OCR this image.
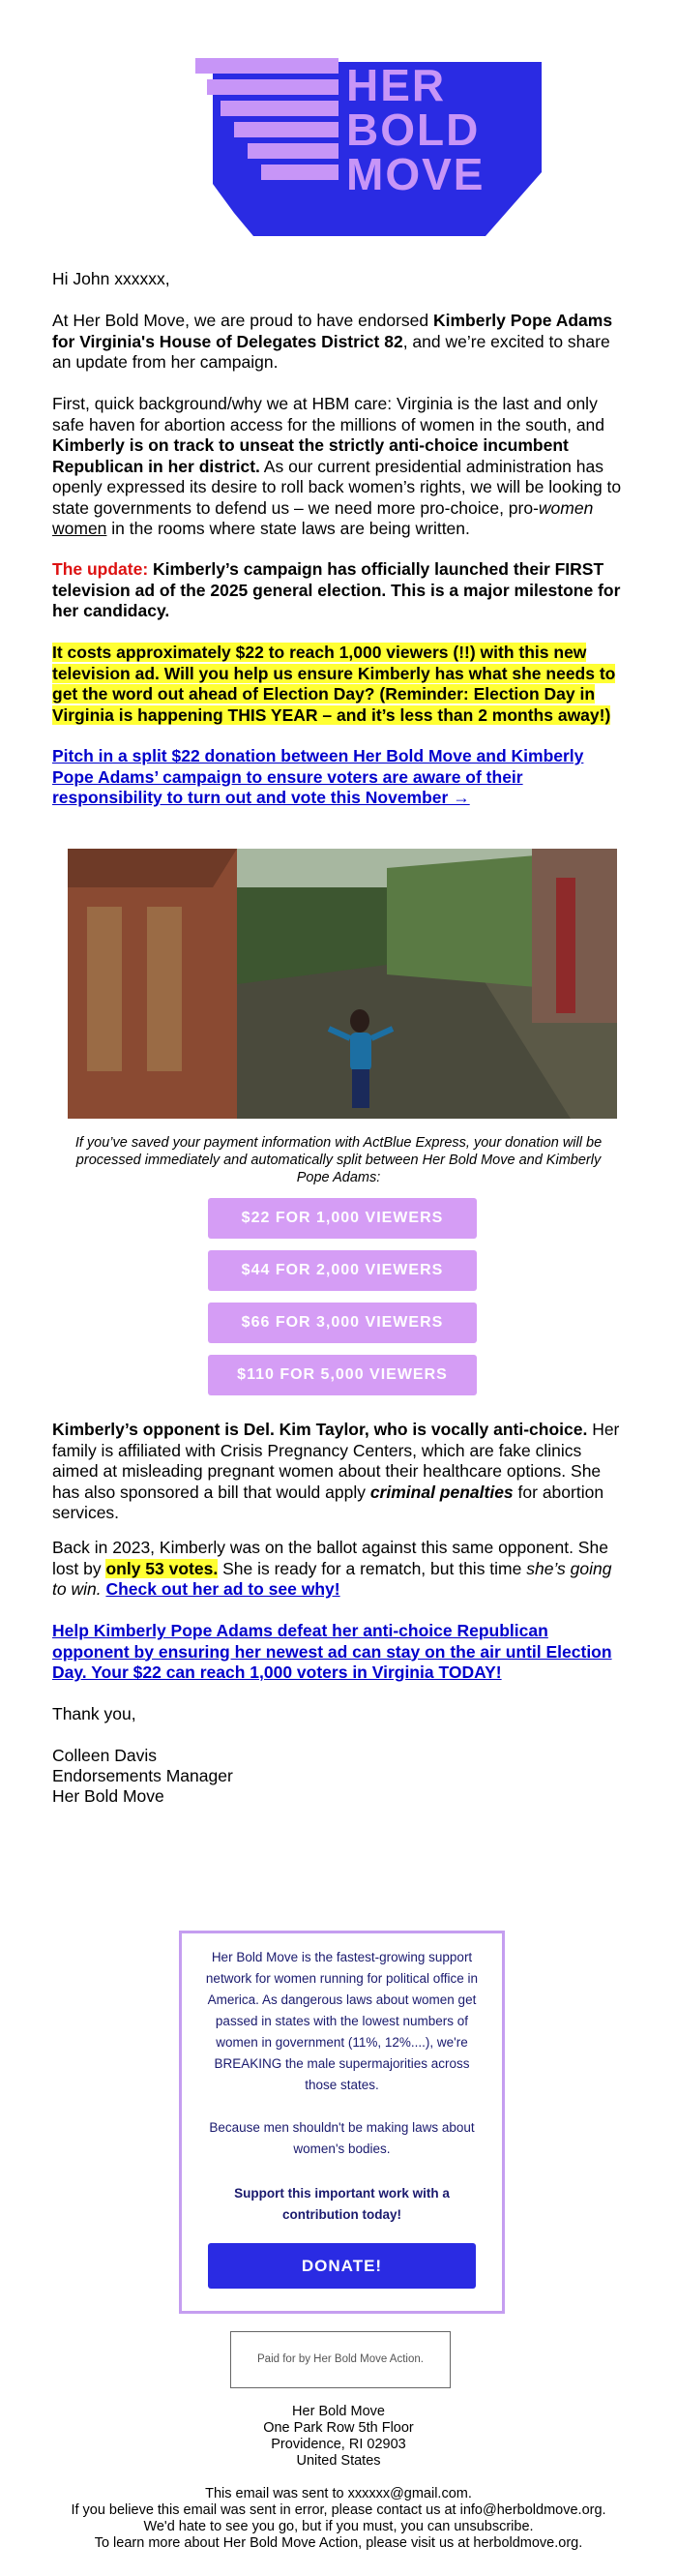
HER
BOLD
MOVE
Hi John xxxxxx,
At Her Bold Move, we are proud to have endorsed Kimberly Pope Adams for Virginia's House of Delegates District 82, and we’re excited to share an update from her campaign.
First, quick background/why we at HBM care: Virginia is the last and only safe haven for abortion access for the millions of women in the south, and Kimberly is on track to unseat the strictly anti-choice incumbent Republican in her district. As our current presidential administration has openly expressed its desire to roll back women’s rights, we will be looking to state governments to defend us – we need more pro-choice, pro-women women in the rooms where state laws are being written.
The update: Kimberly’s campaign has officially launched their FIRST television ad of the 2025 general election. This is a major milestone for her candidacy.
It costs approximately $22 to reach 1,000 viewers (!!) with this new television ad. Will you help us ensure Kimberly has what she needs to get the word out ahead of Election Day? (Reminder: Election Day in Virginia is happening THIS YEAR – and it’s less than 2 months away!)
Pitch in a split $22 donation between Her Bold Move and Kimberly Pope Adams’ campaign to ensure voters are aware of their responsibility to turn out and vote this November →
If you’ve saved your payment information with ActBlue Express, your donation will be processed immediately and automatically split between Her Bold Move and Kimberly Pope Adams:
$22 FOR 1,000 VIEWERS
$44 FOR 2,000 VIEWERS
$66 FOR 3,000 VIEWERS
$110 FOR 5,000 VIEWERS
Kimberly’s opponent is Del. Kim Taylor, who is vocally anti-choice. Her family is affiliated with Crisis Pregnancy Centers, which are fake clinics aimed at misleading pregnant women about their healthcare options. She has also sponsored a bill that would apply criminal penalties for abortion services.
Back in 2023, Kimberly was on the ballot against this same opponent. She lost by only 53 votes. She is ready for a rematch, but this time she’s going to win. Check out her ad to see why!
Help Kimberly Pope Adams defeat her anti-choice Republican opponent by ensuring her newest ad can stay on the air until Election Day. Your $22 can reach 1,000 voters in Virginia TODAY!
Thank you,
Colleen Davis
Endorsements Manager
Her Bold Move

Her Bold Move is the fastest-growing support network for women running for political office in America. As dangerous laws about women get passed in states with the lowest numbers of women in government (11%, 12%....), we're BREAKING the male supermajorities across those states.

Because men shouldn't be making laws about women's bodies.

Support this important work with a contribution today!

DONATE!
Paid for by Her Bold Move Action.
Her Bold Move
One Park Row 5th Floor
Providence, RI 02903
United States
This email was sent to xxxxxx@gmail.com.
If you believe this email was sent in error, please contact us at info@herboldmove.org.
We'd hate to see you go, but if you must, you can unsubscribe.
To learn more about Her Bold Move Action, please visit us at herboldmove.org.
